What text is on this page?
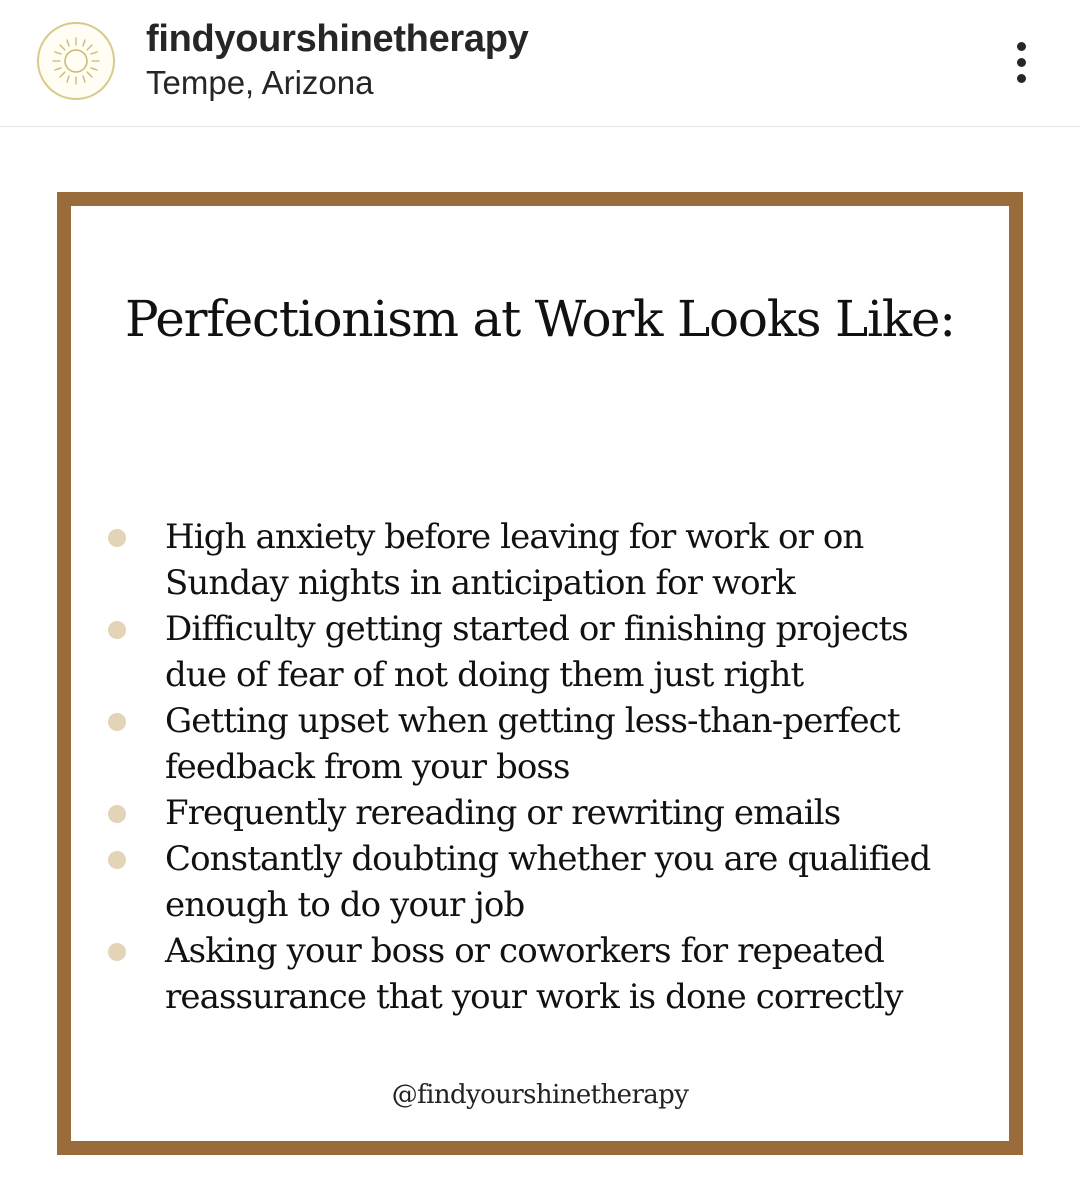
findyourshinetherapy
Tempe, Arizona
Perfectionism at Work Looks Like:
High anxiety before leaving for work or on
Sunday nights in anticipation for work
Difficulty getting started or finishing projects
due of fear of not doing them just right
Getting upset when getting less-than-perfect
feedback from your boss
Frequently rereading or rewriting emails
Constantly doubting whether you are qualified
enough to do your job
Asking your boss or coworkers for repeated
reassurance that your work is done correctly
@findyourshinetherapy
